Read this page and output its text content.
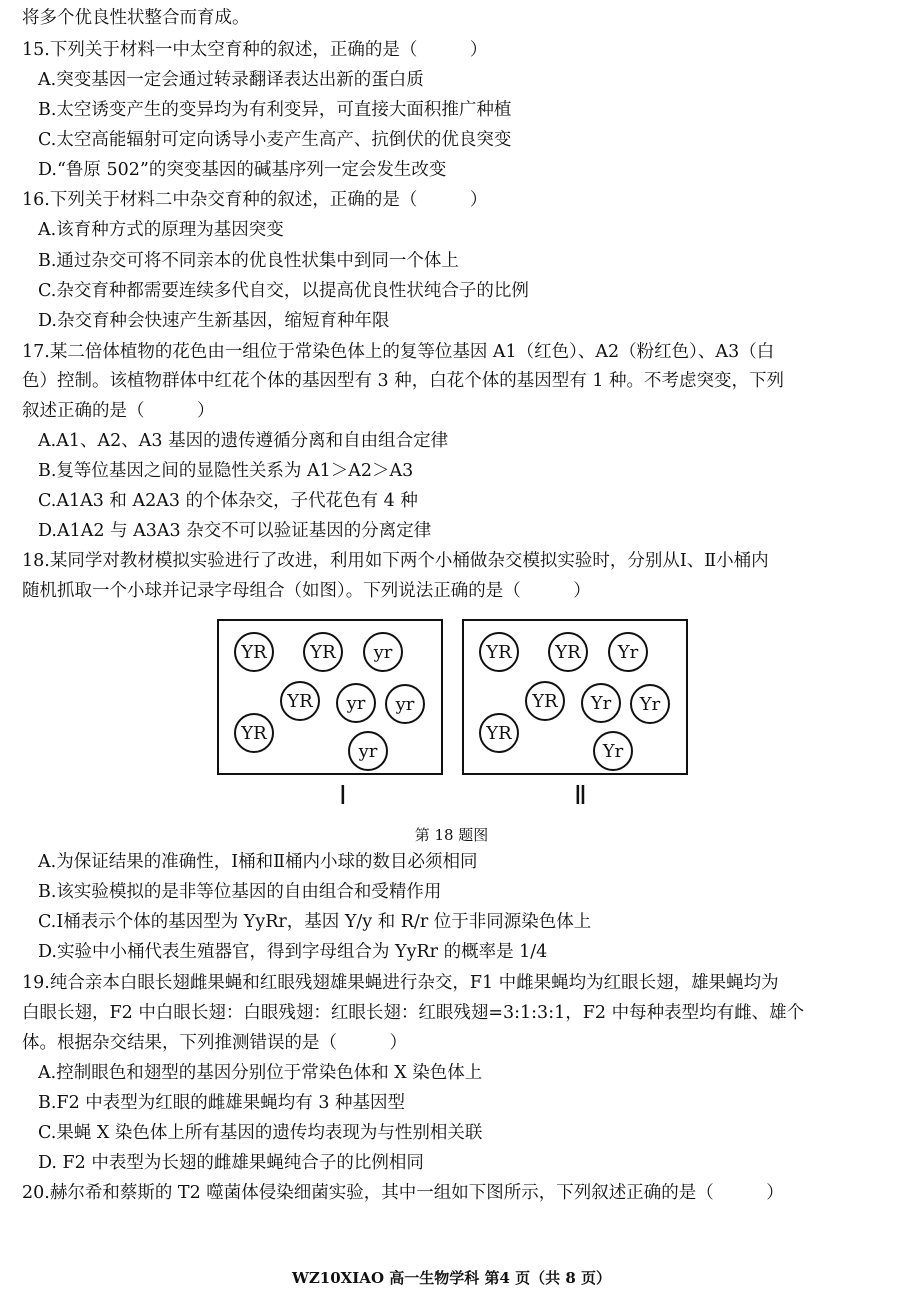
将多个优良性状整合而育成。
15.下列关于材料一中太空育种的叙述，正确的是（　　　）
A.突变基因一定会通过转录翻译表达出新的蛋白质
B.太空诱变产生的变异均为有利变异，可直接大面积推广种植
C.太空高能辐射可定向诱导小麦产生高产、抗倒伏的优良突变
D.“鲁原 502”的突变基因的碱基序列一定会发生改变
16.下列关于材料二中杂交育种的叙述，正确的是（　　　）
A.该育种方式的原理为基因突变
B.通过杂交可将不同亲本的优良性状集中到同一个体上
C.杂交育种都需要连续多代自交，以提高优良性状纯合子的比例
D.杂交育种会快速产生新基因，缩短育种年限
17.某二倍体植物的花色由一组位于常染色体上的复等位基因 A1（红色）、A2（粉红色）、A3（白
色）控制。该植物群体中红花个体的基因型有 3 种，白花个体的基因型有 1 种。不考虑突变，下列
叙述正确的是（　　　）
A.A1、A2、A3 基因的遗传遵循分离和自由组合定律
B.复等位基因之间的显隐性关系为 A1＞A2＞A3
C.A1A3 和 A2A3 的个体杂交，子代花色有 4 种
D.A1A2 与 A3A3 杂交不可以验证基因的分离定律
18.某同学对教材模拟实验进行了改进，利用如下两个小桶做杂交模拟实验时，分别从Ⅰ、Ⅱ小桶内
随机抓取一个小球并记录字母组合（如图）。下列说法正确的是（　　　）
YR	YR	yr
YR	yr	yr
YR
yr
YR	YR	Yr
YR	Yr	Yr
YR
Yr
Ⅰ	Ⅱ
第 18 题图
A.为保证结果的准确性，Ⅰ桶和Ⅱ桶内小球的数目必须相同
B.该实验模拟的是非等位基因的自由组合和受精作用
C.Ⅰ桶表示个体的基因型为 YyRr，基因 Y/y 和 R/r 位于非同源染色体上
D.实验中小桶代表生殖器官，得到字母组合为 YyRr 的概率是 1/4
19.纯合亲本白眼长翅雌果蝇和红眼残翅雄果蝇进行杂交，F1 中雌果蝇均为红眼长翅，雄果蝇均为
白眼长翅，F2 中白眼长翅：白眼残翅：红眼长翅：红眼残翅=3:1:3:1，F2 中每种表型均有雌、雄个
体。根据杂交结果，下列推测错误的是（　　　）
A.控制眼色和翅型的基因分别位于常染色体和 X 染色体上
B.F2 中表型为红眼的雌雄果蝇均有 3 种基因型
C.果蝇 X 染色体上所有基因的遗传均表现为与性别相关联
D. F2 中表型为长翅的雌雄果蝇纯合子的比例相同
20.赫尔希和蔡斯的 T2 噬菌体侵染细菌实验，其中一组如下图所示，下列叙述正确的是（　　　）
WZ10XIAO 高一生物学科 第4 页（共 8 页）
